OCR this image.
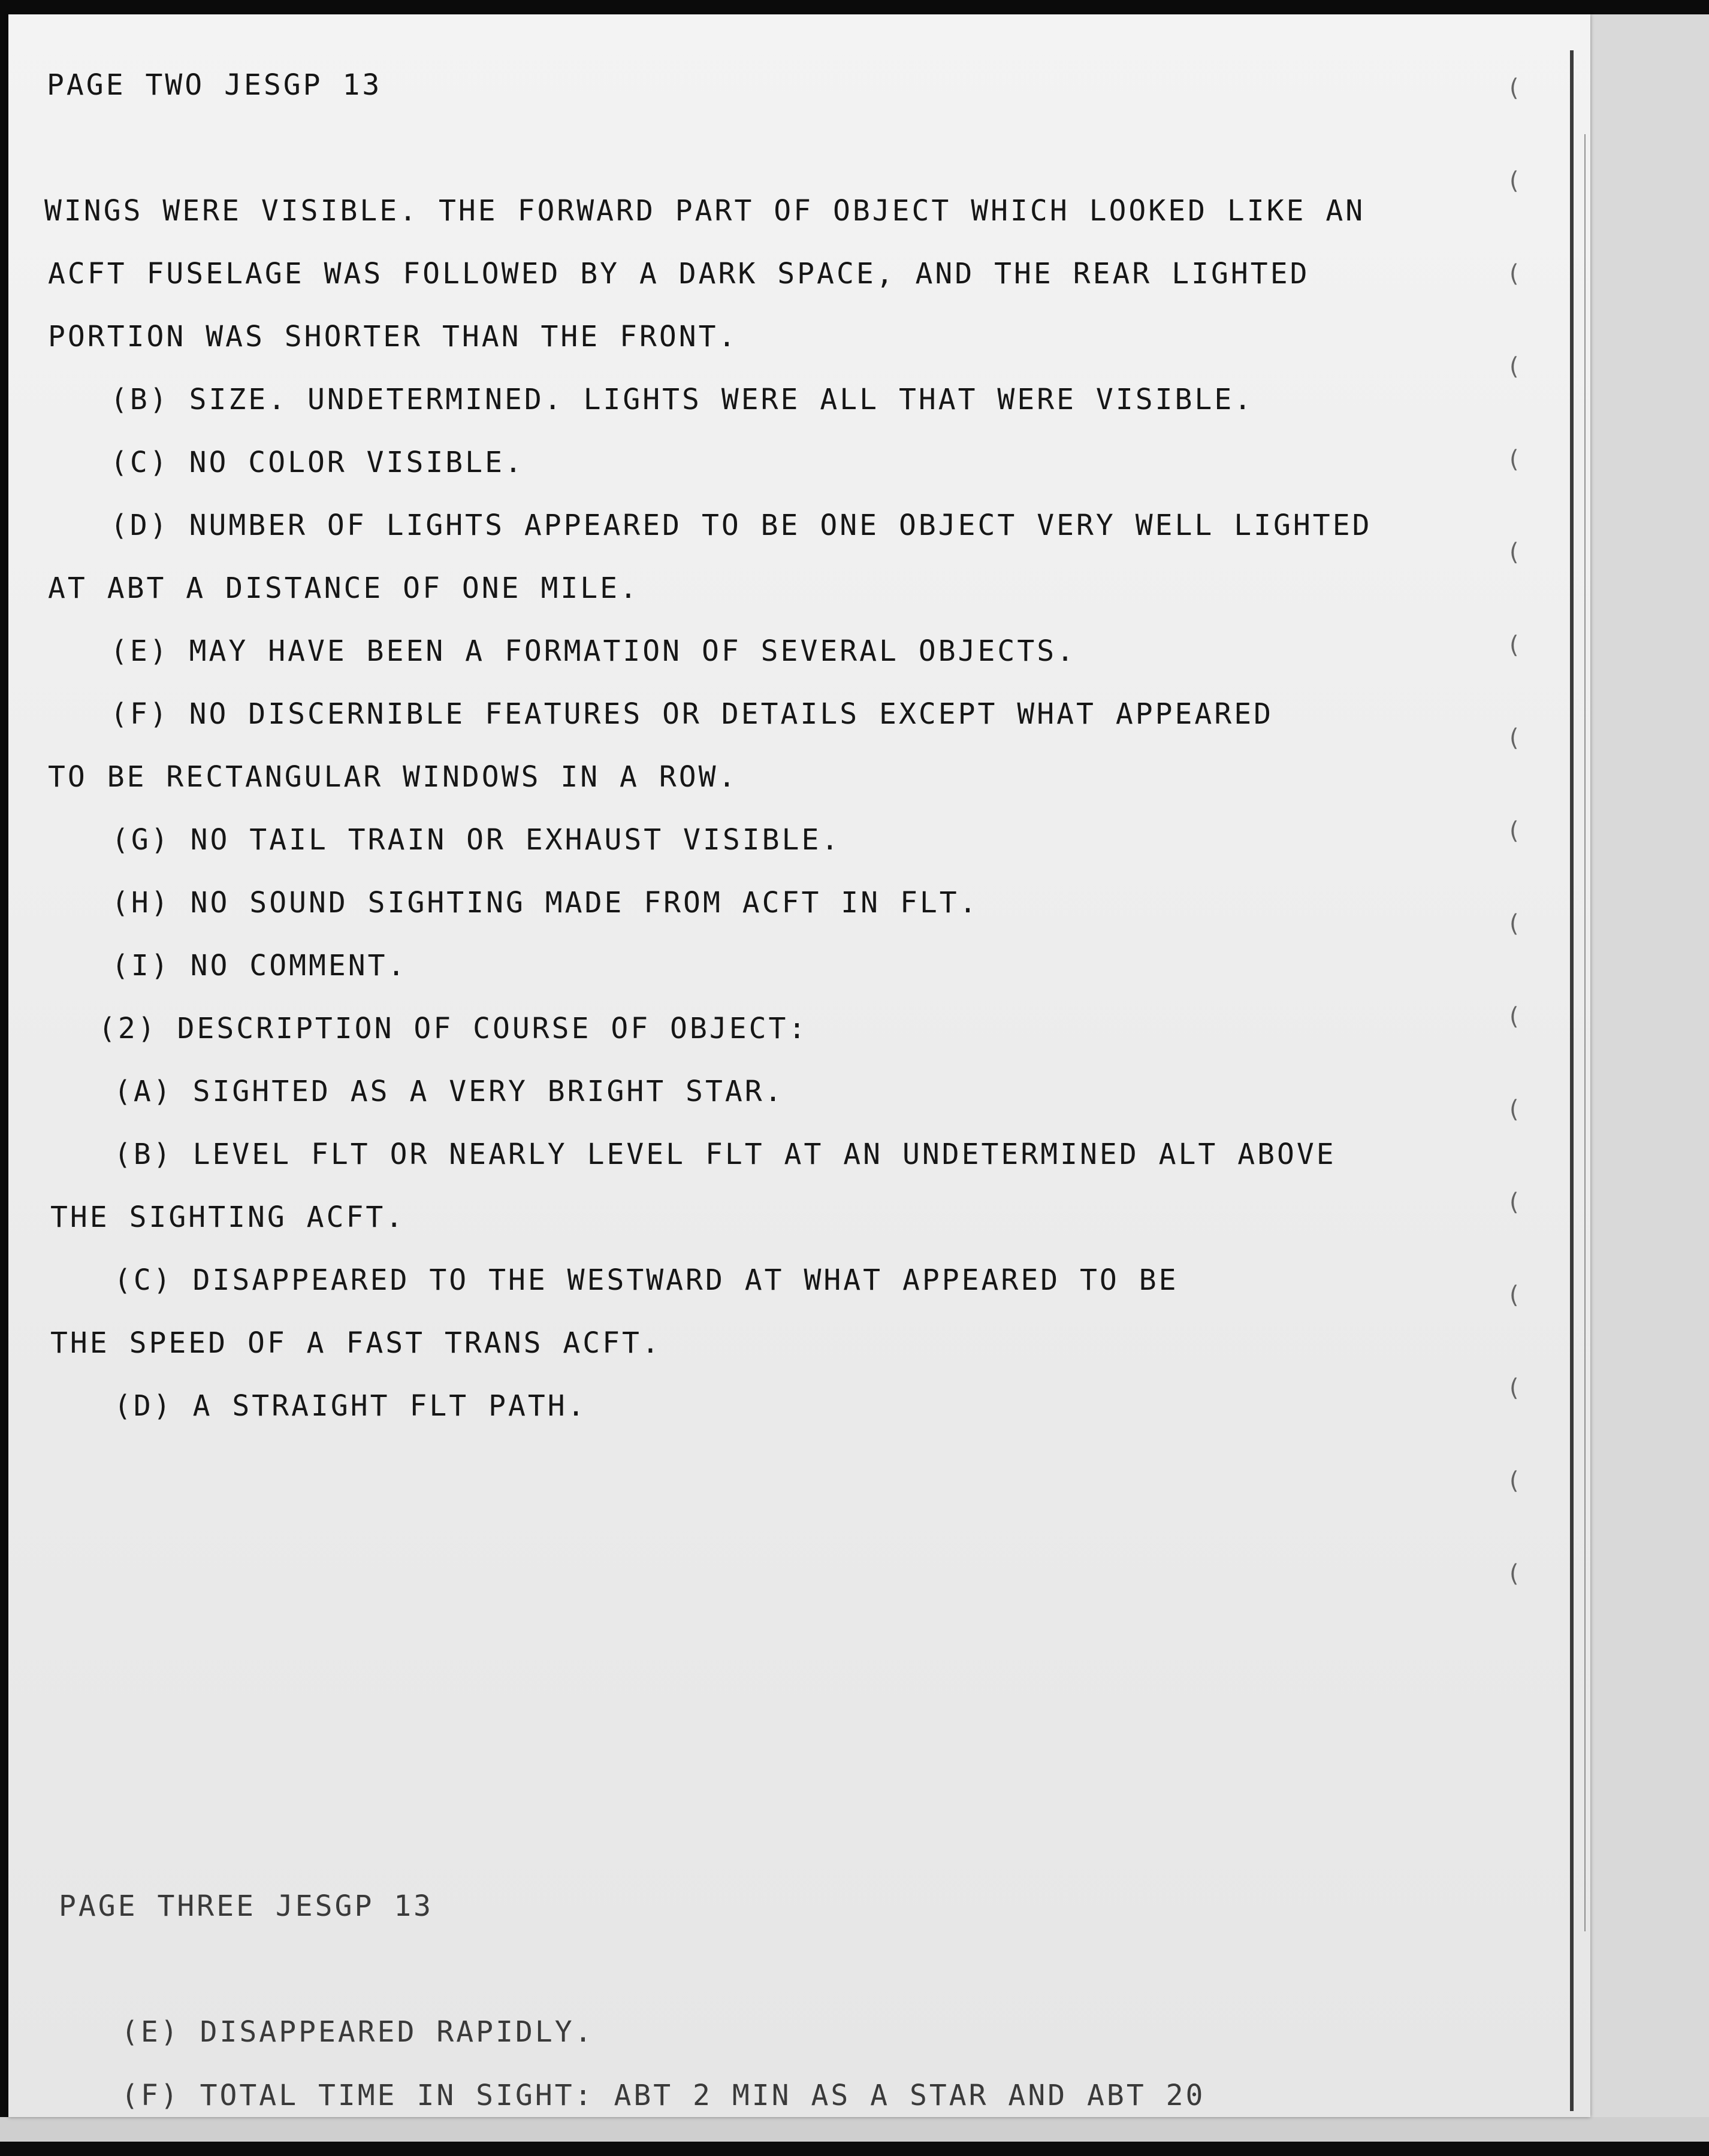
PAGE TWO JESGP 13

WINGS WERE VISIBLE. THE FORWARD PART OF OBJECT WHICH LOOKED LIKE AN

ACFT FUSELAGE WAS FOLLOWED BY A DARK SPACE, AND THE REAR LIGHTED

PORTION WAS SHORTER THAN THE FRONT.

(B) SIZE. UNDETERMINED. LIGHTS WERE ALL THAT WERE VISIBLE.

(C) NO COLOR VISIBLE.

(D) NUMBER OF LIGHTS APPEARED TO BE ONE OBJECT VERY WELL LIGHTED

AT ABT A DISTANCE OF ONE MILE.

(E) MAY HAVE BEEN A FORMATION OF SEVERAL OBJECTS.

(F) NO DISCERNIBLE FEATURES OR DETAILS EXCEPT WHAT APPEARED

TO BE RECTANGULAR WINDOWS IN A ROW.

(G) NO TAIL TRAIN OR EXHAUST VISIBLE.

(H) NO SOUND SIGHTING MADE FROM ACFT IN FLT.

(I) NO COMMENT.

(2) DESCRIPTION OF COURSE OF OBJECT:

(A) SIGHTED AS A VERY BRIGHT STAR.

(B) LEVEL FLT OR NEARLY LEVEL FLT AT AN UNDETERMINED ALT ABOVE

THE SIGHTING ACFT.

(C) DISAPPEARED TO THE WESTWARD AT WHAT APPEARED TO BE

THE SPEED OF A FAST TRANS ACFT.

(D) A STRAIGHT FLT PATH.

PAGE THREE JESGP 13

(E) DISAPPEARED RAPIDLY.

(F) TOTAL TIME IN SIGHT: ABT 2 MIN AS A STAR AND ABT 20

(
(
(
(
(
(
(
(
(
(
(
(
(
(
(
(
(
